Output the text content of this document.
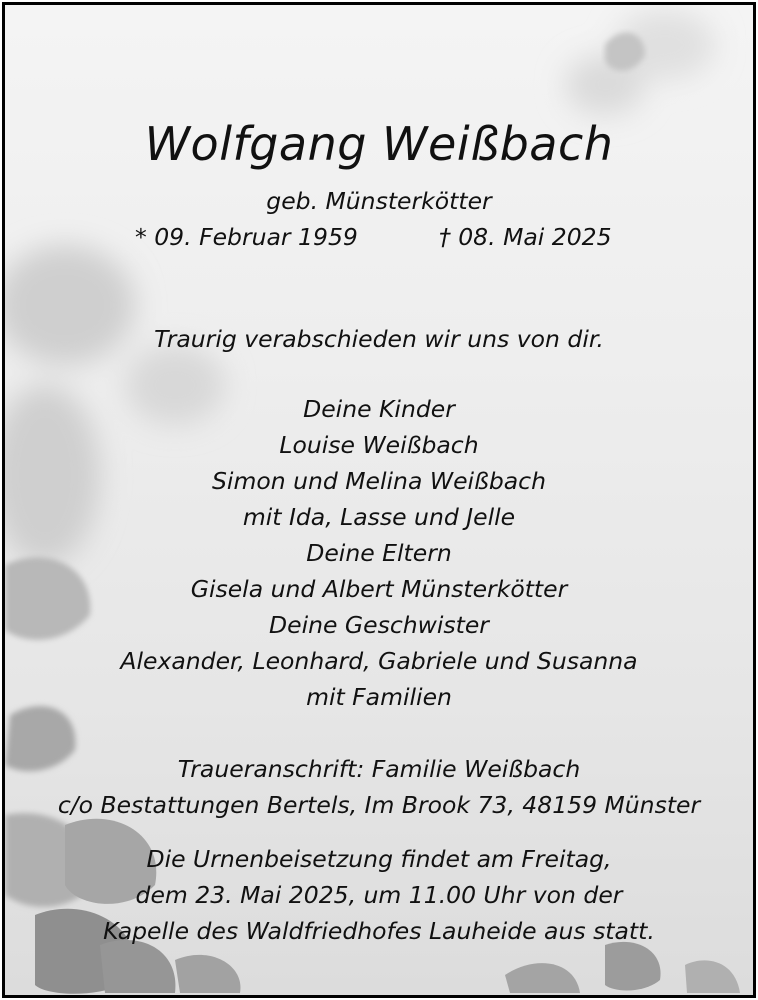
Wolfgang Weißbach
geb. Münsterkötter
* 09. Februar 1959	† 08. Mai 2025
Traurig verabschieden wir uns von dir.
Deine Kinder
Louise Weißbach
Simon und Melina Weißbach
mit Ida, Lasse und Jelle
Deine Eltern
Gisela und Albert Münsterkötter
Deine Geschwister
Alexander, Leonhard, Gabriele und Susanna
mit Familien
Traueranschrift: Familie Weißbach
c/o Bestattungen Bertels, Im Brook 73, 48159 Münster
Die Urnenbeisetzung findet am Freitag,
dem 23. Mai 2025, um 11.00 Uhr von der
Kapelle des Waldfriedhofes Lauheide aus statt.
